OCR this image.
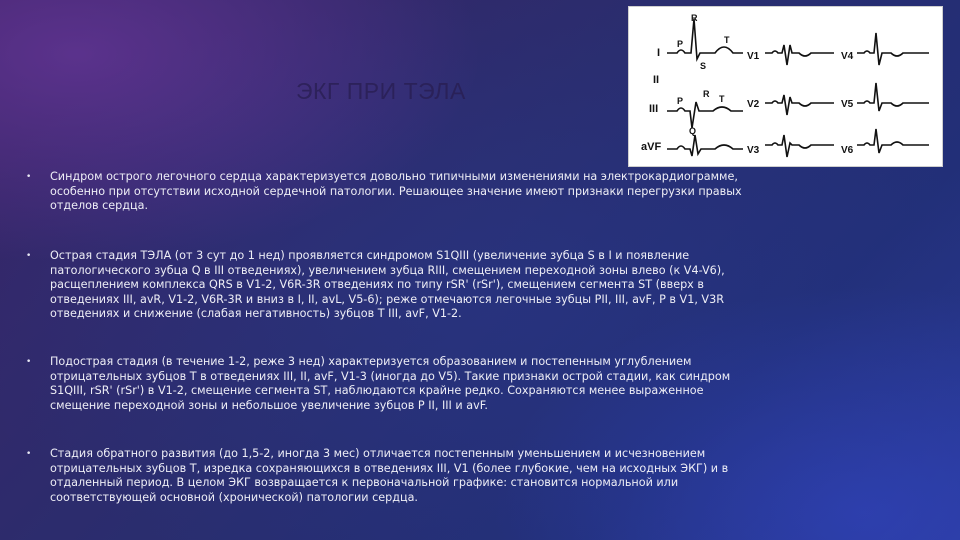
ЭКГ ПРИ ТЭЛА
I
II
III
aVF
P
R
T
S
P
R T
Q
V1	V4
V2	V5
V3	V6
• Синдром острого легочного сердца характеризуется довольно типичными изменениями на электрокардиограмме, особенно при отсутствии исходной сердечной патологии. Решающее значение имеют признаки перегрузки правых отделов сердца.
• Острая стадия ТЭЛА (от 3 сут до 1 нед) проявляется синдромом S1QIII (увеличение зубца S в I и появление патологического зубца Q в III отведениях), увеличением зубца RIII, смещением переходной зоны влево (к V4-V6), расщеплением комплекса QRS в V1-2, V6R-3R отведениях по типу rSR' (rSr'), смещением сегмента ST (вверх в отведениях III, avR, V1-2, V6R-3R и вниз в I, II, avL, V5-6); реже отмечаются легочные зубцы PII, III, avF, P в V1, V3R отведениях и снижение (слабая негативность) зубцов T III, avF, V1-2.
• Подострая стадия (в течение 1-2, реже 3 нед) характеризуется образованием и постепенным углублением отрицательных зубцов T в отведениях III, II, avF, V1-3 (иногда до V5). Такие признаки острой стадии, как синдром S1QIII, rSR' (rSr') в V1-2, смещение сегмента ST, наблюдаются крайне редко. Сохраняются менее выраженное смещение переходной зоны и небольшое увеличение зубцов P II, III и avF.
• Стадия обратного развития (до 1,5-2, иногда 3 мес) отличается постепенным уменьшением и исчезновением отрицательных зубцов T, изредка сохраняющихся в отведениях III, V1 (более глубокие, чем на исходных ЭКГ) и в отдаленный период. В целом ЭКГ возвращается к первоначальной графике: становится нормальной или соответствующей основной (хронической) патологии сердца.
